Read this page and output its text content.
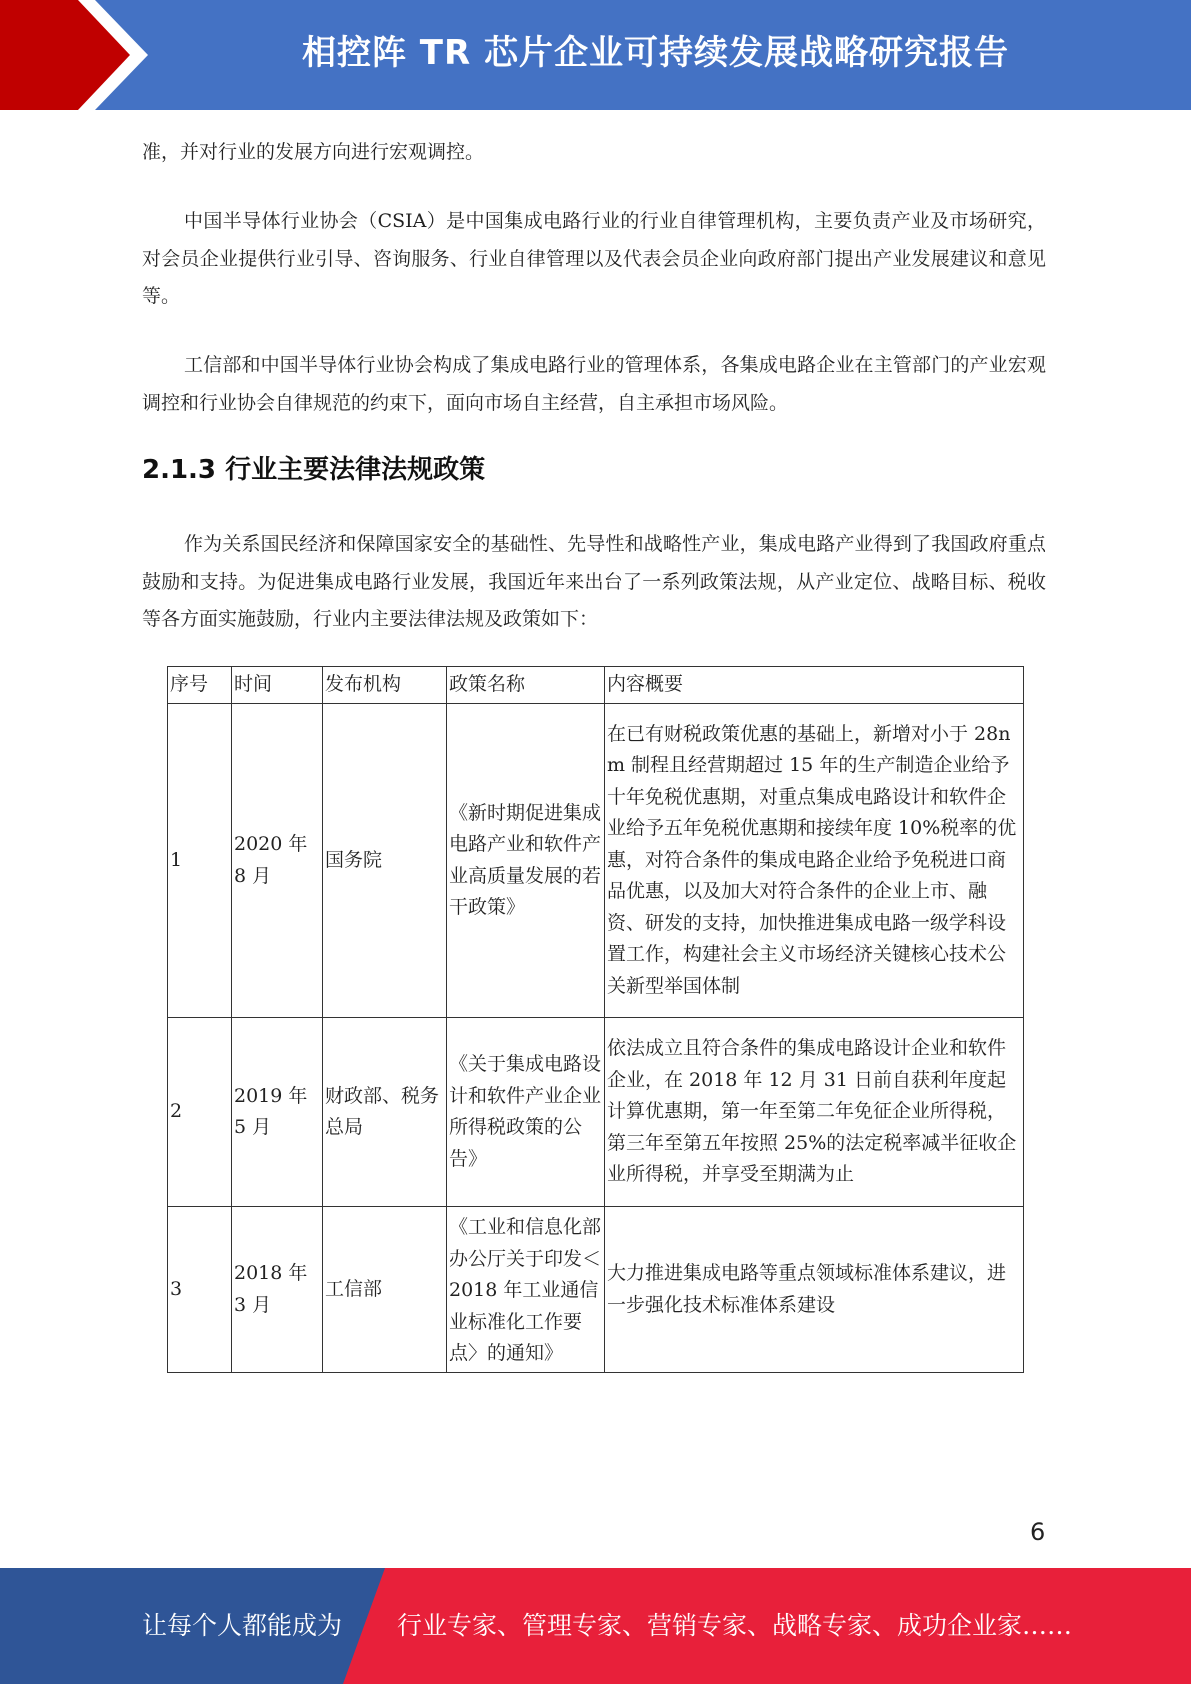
相控阵 TR 芯片企业可持续发展战略研究报告

准，并对行业的发展方向进行宏观调控。

中国半导体行业协会（CSIA）是中国集成电路行业的行业自律管理机构，主要负责产业及市场研究，对会员企业提供行业引导、咨询服务、行业自律管理以及代表会员企业向政府部门提出产业发展建议和意见等。

工信部和中国半导体行业协会构成了集成电路行业的管理体系，各集成电路企业在主管部门的产业宏观调控和行业协会自律规范的约束下，面向市场自主经营，自主承担市场风险。

2.1.3 行业主要法律法规政策

作为关系国民经济和保障国家安全的基础性、先导性和战略性产业，集成电路产业得到了我国政府重点鼓励和支持。为促进集成电路行业发展，我国近年来出台了一系列政策法规，从产业定位、战略目标、税收等各方面实施鼓励，行业内主要法律法规及政策如下：

序号	时间	发布机构	政策名称	内容概要
1	2020 年 8 月	国务院	《新时期促进集成电路产业和软件产业高质量发展的若干政策》	在已有财税政策优惠的基础上，新增对小于 28nm 制程且经营期超过 15 年的生产制造企业给予十年免税优惠期，对重点集成电路设计和软件企业给予五年免税优惠期和接续年度 10%税率的优惠，对符合条件的集成电路企业给予免税进口商品优惠，以及加大对符合条件的企业上市、融资、研发的支持，加快推进集成电路一级学科设置工作，构建社会主义市场经济关键核心技术公关新型举国体制
2	2019 年 5 月	财政部、税务总局	《关于集成电路设计和软件产业企业所得税政策的公告》	依法成立且符合条件的集成电路设计企业和软件企业，在 2018 年 12 月 31 日前自获利年度起计算优惠期，第一年至第二年免征企业所得税，第三年至第五年按照 25%的法定税率减半征收企业所得税，并享受至期满为止
3	2018 年 3 月	工信部	《工业和信息化部办公厅关于印发＜2018 年工业通信业标准化工作要点〉的通知》	大力推进集成电路等重点领域标准体系建议，进一步强化技术标准体系建设
6
让每个人都能成为 行业专家、管理专家、营销专家、战略专家、成功企业家……
